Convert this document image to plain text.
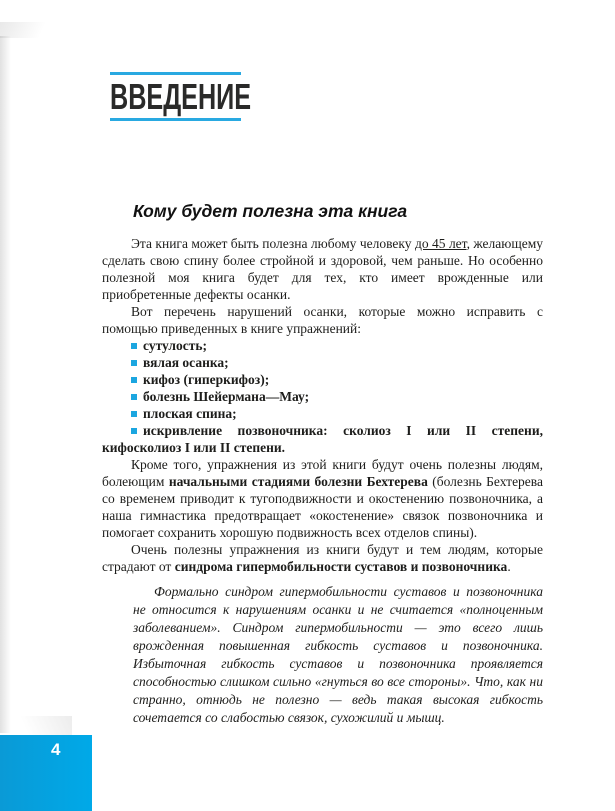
ВВЕДЕНИЕ
Кому будет полезна эта книга

Эта книга может быть полезна любому человеку до 45 лет, желающему сделать свою спину более стройной и здоровой, чем раньше. Но особенно полезной моя книга будет для тех, кто имеет врожденные или приобретенные дефекты осанки.

Вот перечень нарушений осанки, которые можно исправить с помощью приведенных в книге упражнений:

сутулость;

вялая осанка;

кифоз (гиперкифоз);

болезнь Шейермана—Мау;

плоская спина;

искривление позвоночника: сколиоз I или II степени, кифосколиоз I или II степени.

Кроме того, упражнения из этой книги будут очень полезны людям, болеющим начальными стадиями болезни Бехтерева (болезнь Бехтерева со временем приводит к тугоподвижности и окостенению позвоночника, а наша гимнастика предотвращает «окостенение» связок позвоночника и помогает сохранить хорошую подвижность всех отделов спины).

Очень полезны упражнения из книги будут и тем людям, которые страдают от синдрома гипермобильности суставов и позвоночника.

Формально синдром гипермобильности суставов и позвоночника не относится к нарушениям осанки и не считается «полноценным заболеванием». Синдром гипермобильности — это всего лишь врожденная повышенная гибкость суставов и позвоночника. Избыточная гибкость суставов и позвоночника проявляется способностью слишком сильно «гнуться во все стороны». Что, как ни странно, отнюдь не полезно — ведь такая высокая гибкость сочетается со слабостью связок, сухожилий и мышц.
4
